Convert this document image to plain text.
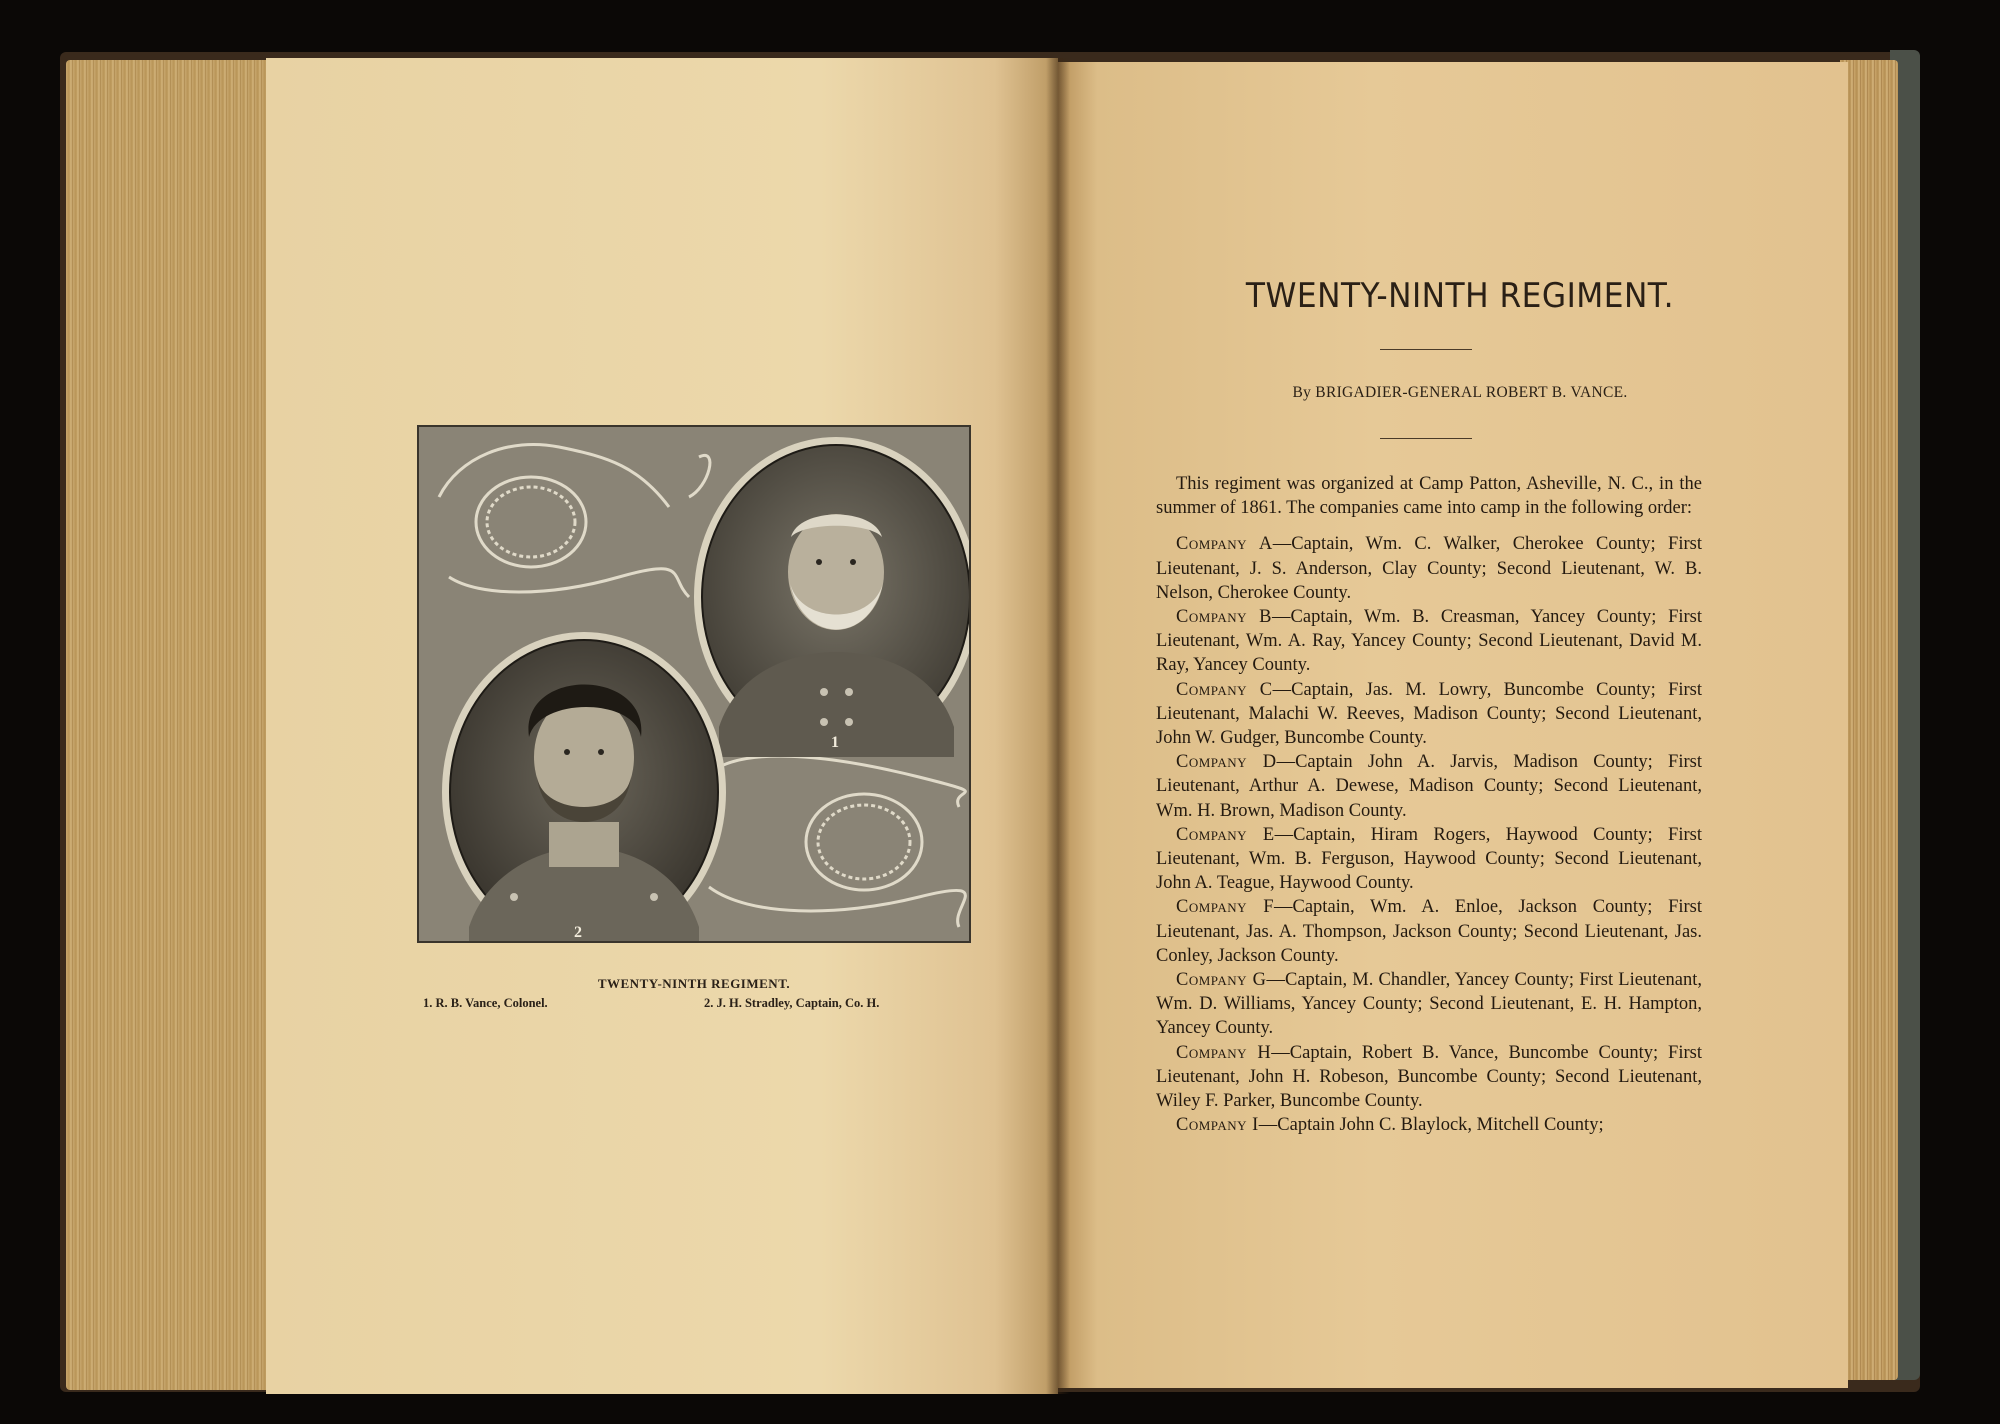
1
2
TWENTY-NINTH REGIMENT.
1. R. B. Vance, Colonel.	2. J. H. Stradley, Captain, Co. H.
TWENTY-NINTH REGIMENT.
By BRIGADIER-GENERAL ROBERT B. VANCE.

This regiment was organized at Camp Patton, Asheville, N. C., in the summer of 1861. The companies came into camp in the following order:

Company A—Captain, Wm. C. Walker, Cherokee County; First Lieutenant, J. S. Anderson, Clay County; Second Lieutenant, W. B. Nelson, Cherokee County.

Company B—Captain, Wm. B. Creasman, Yancey County; First Lieutenant, Wm. A. Ray, Yancey County; Second Lieutenant, David M. Ray, Yancey County.

Company C—Captain, Jas. M. Lowry, Buncombe County; First Lieutenant, Malachi W. Reeves, Madison County; Second Lieutenant, John W. Gudger, Buncombe County.

Company D—Captain John A. Jarvis, Madison County; First Lieutenant, Arthur A. Dewese, Madison County; Second Lieutenant, Wm. H. Brown, Madison County.

Company E—Captain, Hiram Rogers, Haywood County; First Lieutenant, Wm. B. Ferguson, Haywood County; Second Lieutenant, John A. Teague, Haywood County.

Company F—Captain, Wm. A. Enloe, Jackson County; First Lieutenant, Jas. A. Thompson, Jackson County; Second Lieutenant, Jas. Conley, Jackson County.

Company G—Captain, M. Chandler, Yancey County; First Lieutenant, Wm. D. Williams, Yancey County; Second Lieutenant, E. H. Hampton, Yancey County.

Company H—Captain, Robert B. Vance, Buncombe County; First Lieutenant, John H. Robeson, Buncombe County; Second Lieutenant, Wiley F. Parker, Buncombe County.

Company I—Captain John C. Blaylock, Mitchell County;
